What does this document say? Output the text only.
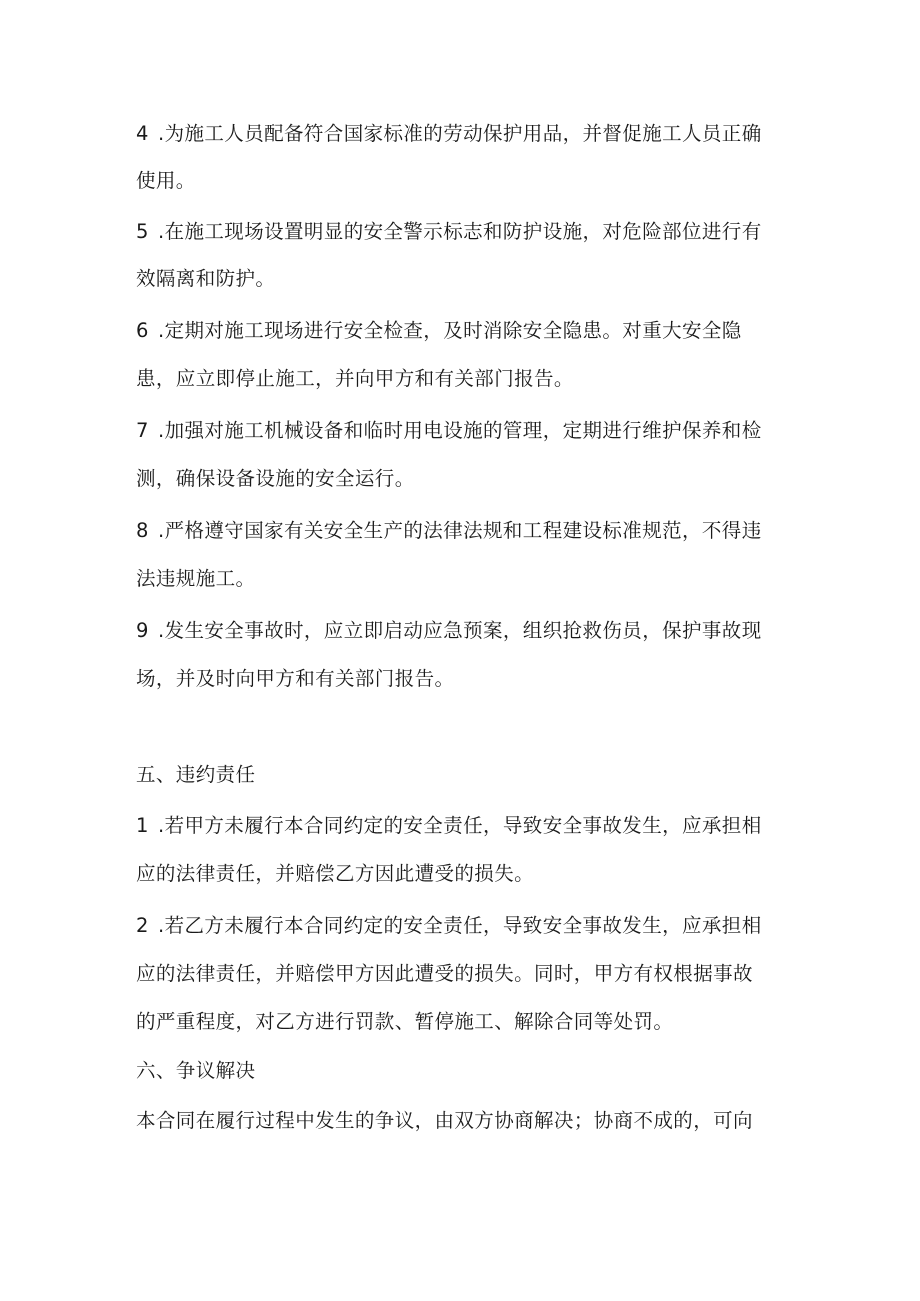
4 .为施工人员配备符合国家标准的劳动保护用品，并督促施工人员正确
使用。
5 .在施工现场设置明显的安全警示标志和防护设施，对危险部位进行有
效隔离和防护。
6 .定期对施工现场进行安全检查，及时消除安全隐患。对重大安全隐
患，应立即停止施工，并向甲方和有关部门报告。
7 .加强对施工机械设备和临时用电设施的管理，定期进行维护保养和检
测，确保设备设施的安全运行。
8 .严格遵守国家有关安全生产的法律法规和工程建设标准规范，不得违
法违规施工。
9 .发生安全事故时，应立即启动应急预案，组织抢救伤员，保护事故现
场，并及时向甲方和有关部门报告。
五、违约责任
1 .若甲方未履行本合同约定的安全责任，导致安全事故发生，应承担相
应的法律责任，并赔偿乙方因此遭受的损失。
2 .若乙方未履行本合同约定的安全责任，导致安全事故发生，应承担相
应的法律责任，并赔偿甲方因此遭受的损失。同时，甲方有权根据事故
的严重程度，对乙方进行罚款、暂停施工、解除合同等处罚。
六、争议解决
本合同在履行过程中发生的争议，由双方协商解决；协商不成的，可向
